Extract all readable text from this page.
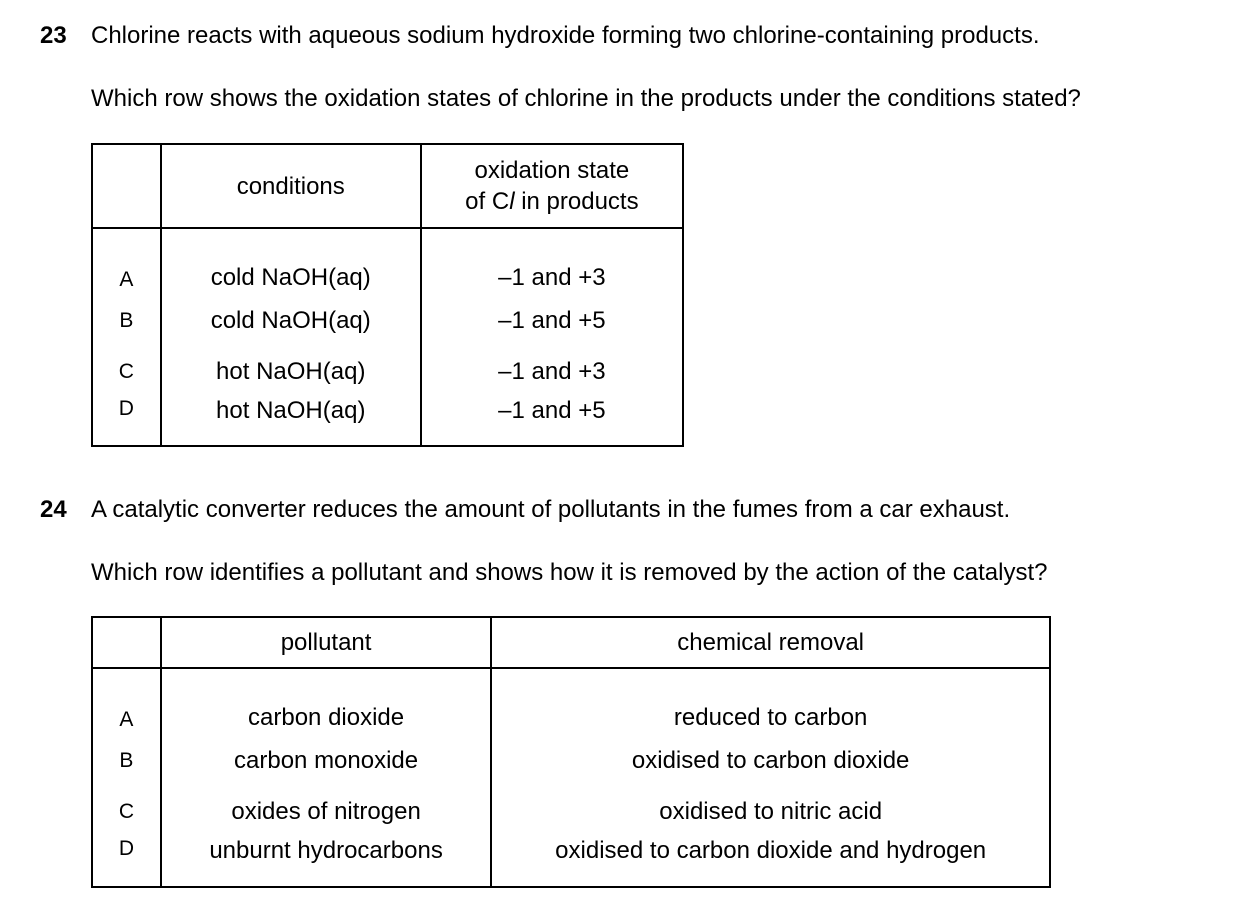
23 Chlorine reacts with aqueous sodium hydroxide forming two chlorine-containing products.
Which row shows the oxidation states of chlorine in the products under the conditions stated?
	conditions	oxidation state
of Cl in products
A	cold NaOH(aq)	–1 and +3
B	cold NaOH(aq)	–1 and +5
C	hot NaOH(aq)	–1 and +3
D	hot NaOH(aq)	–1 and +5
24 A catalytic converter reduces the amount of pollutants in the fumes from a car exhaust.
Which row identifies a pollutant and shows how it is removed by the action of the catalyst?
	pollutant	chemical removal
A	carbon dioxide	reduced to carbon
B	carbon monoxide	oxidised to carbon dioxide
C	oxides of nitrogen	oxidised to nitric acid
D	unburnt hydrocarbons	oxidised to carbon dioxide and hydrogen
